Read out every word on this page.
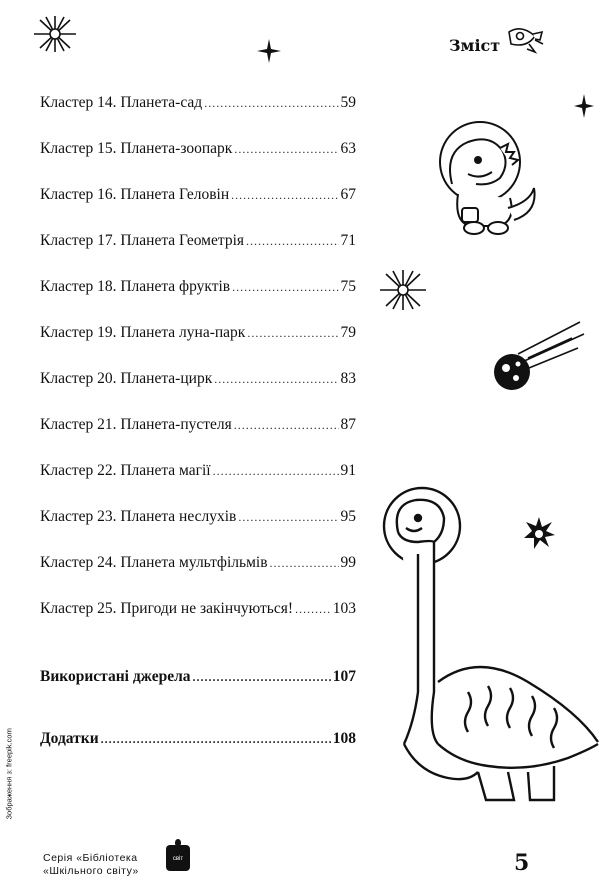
Зміст
Кластер 14. Планета-сад .....	59
Кластер 15. Планета-зоопарк .....	63
Кластер 16. Планета Геловін .....	67
Кластер 17. Планета Геометрія .....	71
Кластер 18. Планета фруктів .....	75
Кластер 19. Планета луна-парк .....	79
Кластер 20. Планета-цирк .....	83
Кластер 21. Планета-пустеля .....	87
Кластер 22. Планета магії .....	91
Кластер 23. Планета неслухів .....	95
Кластер 24. Планета мультфільмів .....	99
Кластер 25. Пригоди не закінчуються! .....	103
Використані джерела .....	107
Додатки .....	108
Зображення з: freepik.com
Серія «Бібліотека
«Шкільного світу»
світ	5
